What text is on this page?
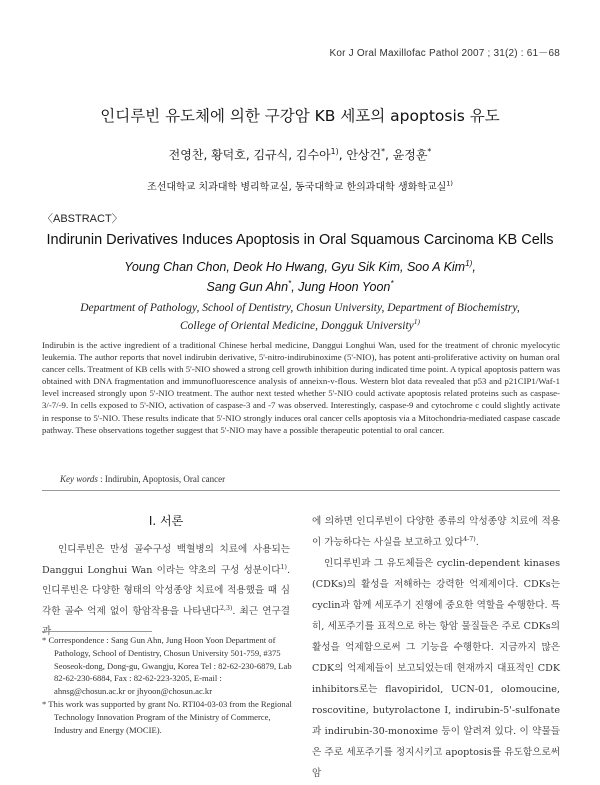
Kor J Oral Maxillofac Pathol 2007 ; 31(2) : 61－68
인디루빈 유도체에 의한 구강암 KB 세포의 apoptosis 유도
전영찬, 황덕호, 김규식, 김수아$^{1)}$, 안상건*, 윤정훈*
조선대학교 치과대학 병리학교실, 동국대학교 한의과대학 생화학교실$^{1)}$
〈ABSTRACT〉
Indirunin Derivatives Induces Apoptosis in Oral Squamous Carcinoma KB Cells
Young Chan Chon, Deok Ho Hwang, Gyu Sik Kim, Soo A Kim$^{1)}$,
Sang Gun Ahn*, Jung Hoon Yoon*
Department of Pathology, School of Dentistry, Chosun University, Department of Biochemistry,
College of Oriental Medicine, Dongguk University$^{1)}$
Indirubin is the active ingredient of a traditional Chinese herbal medicine, Danggui Longhui Wan, used for the treatment of chronic myelocytic leukemia. The author reports that novel indirubin derivative, 5'-nitro-indirubinoxime (5'-NIO), has potent anti-proliferative activity on human oral cancer cells. Treatment of KB cells with 5'-NIO showed a strong cell growth inhibition during indicated time point. A typical apoptosis pattern was obtained with DNA fragmentation and immunofluorescence analysis of anneixn-v-flous. Western blot data revealed that p53 and p21CIP1/Waf-1 level increased strongly upon 5'-NIO treatment. The author next tested whether 5'-NIO could activate apoptosis related proteins such as caspase-3/-7/-9. In cells exposed to 5'-NIO, activation of caspase-3 and -7 was observed. Interestingly, caspase-9 and cytochrome c could slightly activate in response to 5'-NIO. These results indicate that 5'-NIO strongly induces oral cancer cells apoptosis via a Mitochondria-mediated caspase cascade pathway. These observations together suggest that 5'-NIO may have a possible therapeutic potential to oral cancer.
Key words : Indirubin, Apoptosis, Oral cancer
Ⅰ. 서론

인디루빈은 만성 골수구성 백혈병의 치료에 사용되는 Danggui Longhui Wan 이라는 약초의 구성 성분이다$^{1)}$. 인디루빈은 다양한 형태의 악성종양 치료에 적용했을 때 심각한 골수 억제 없이 항암작용을 나타낸다$^{2,3)}$. 최근 연구결과

* Correspondence : Sang Gun Ahn, Jung Hoon Yoon Department of Pathology, School of Dentistry, Chosun University 501-759, #375 Seoseok-dong, Dong-gu, Gwangju, Korea Tel : 82-62-230-6879, Lab 82-62-230-6884, Fax : 82-62-223-3205, E-mail : ahnsg@chosun.ac.kr or jhyoon@chosun.ac.kr

* This work was supported by grant No. RTI04-03-03 from the Regional Technology Innovation Program of the Ministry of Commerce, Industry and Energy (MOCIE).

에 의하면 인디루빈이 다양한 종류의 악성종양 치료에 적용이 가능하다는 사실을 보고하고 있다$^{4-7)}$.

인디루빈과 그 유도체들은 cyclin-dependent kinases (CDKs)의 활성을 저해하는 강력한 억제제이다. CDKs는 cyclin과 함께 세포주기 진행에 중요한 역할을 수행한다. 특히, 세포주기를 표적으로 하는 항암 물질들은 주로 CDKs의 활성을 억제함으로써 그 기능을 수행한다. 지금까지 많은 CDK의 억제제들이 보고되었는데 현재까지 대표적인 CDK inhibitors로는 flavopiridol, UCN-01, olomoucine, roscovitine, butyrolactone I, indirubin-5'-sulfonate과 indirubin-30-monoxime 등이 알려져 있다. 이 약물들은 주로 세포주기를 정지시키고 apoptosis를 유도함으로써 암
